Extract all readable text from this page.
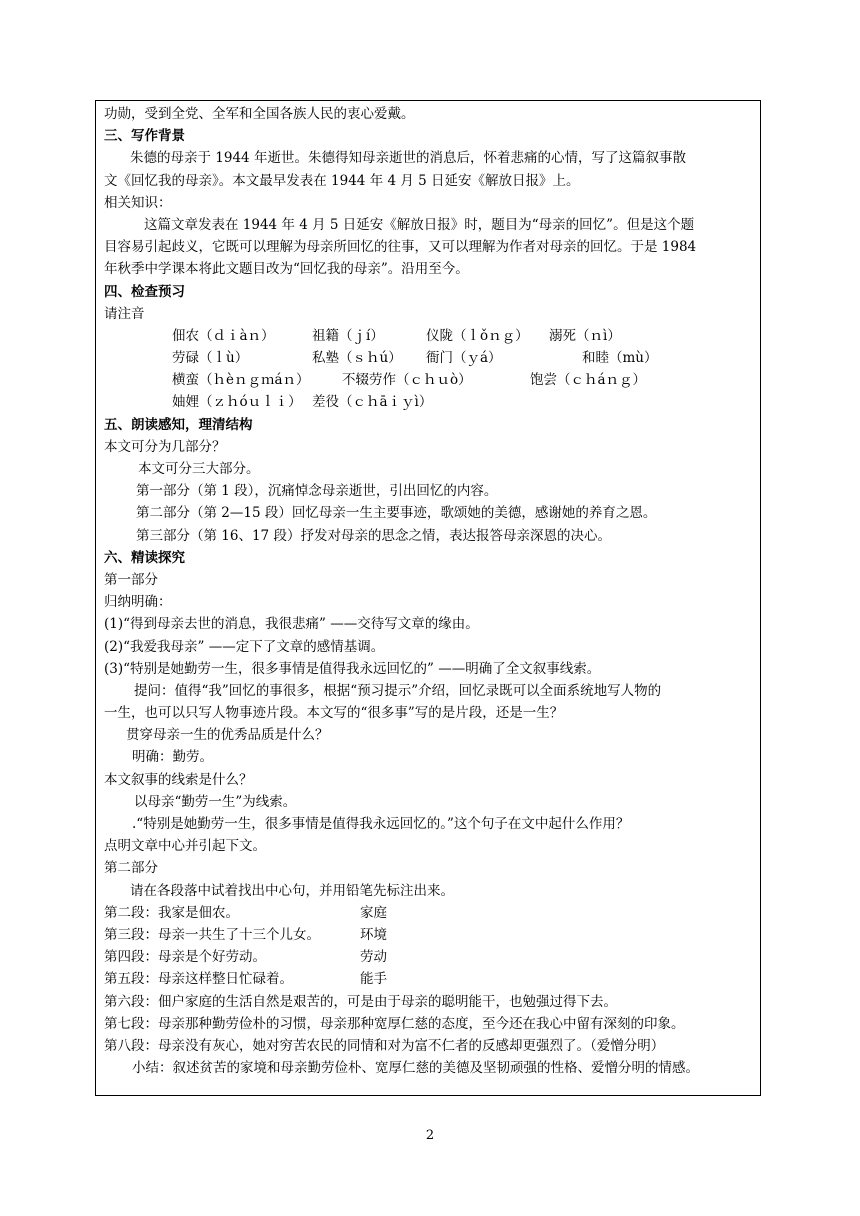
功勋，受到全党、全军和全国各族人民的衷心爱戴。
三、写作背景
朱德的母亲于 1944 年逝世。朱德得知母亲逝世的消息后，怀着悲痛的心情，写了这篇叙事散
文《回忆我的母亲》。本文最早发表在 1944 年 4 月 5 日延安《解放日报》上。
相关知识：
这篇文章发表在 1944 年 4 月 5 日延安《解放日报》时，题目为“母亲的回忆”。但是这个题
目容易引起歧义，它既可以理解为母亲所回忆的往事，又可以理解为作者对母亲的回忆。于是 1984
年秋季中学课本将此文题目改为“回忆我的母亲”。沿用至今。
四、检查预习
请注音
佃农（ｄｉàｎ）	祖籍（ｊí）	仪陇（ｌǒｎｇ） 溺死（ｎì）
劳碌（ｌù）	私塾（ｓｈú） 衙门（ｙá）	和睦（mù）
横蛮（ｈèｎｇｍáｎ） 不辍劳作（ｃｈｕò）	饱尝（ｃｈáｎｇ）
妯娌（ｚｈóｕｌｉ） 差役（ｃｈāｉｙì）
五、朗读感知，理清结构
本文可分为几部分？
本文可分三大部分。
第一部分（第 1 段），沉痛悼念母亲逝世，引出回忆的内容。
第二部分（第 2—15 段）回忆母亲一生主要事迹，歌颂她的美德，感谢她的养育之恩。
第三部分（第 16、17 段）抒发对母亲的思念之情，表达报答母亲深恩的决心。
六、精读探究
第一部分
归纳明确：
(1)“得到母亲去世的消息，我很悲痛” ——交待写文章的缘由。
(2)“我爱我母亲” ——定下了文章的感情基调。
(3)“特别是她勤劳一生，很多事情是值得我永远回忆的” ——明确了全文叙事线索。
提问：值得“我”回忆的事很多，根据“预习提示”介绍，回忆录既可以全面系统地写人物的
一生，也可以只写人物事迹片段。本文写的“很多事”写的是片段，还是一生？
贯穿母亲一生的优秀品质是什么？
明确：勤劳。
本文叙事的线索是什么？
以母亲“勤劳一生”为线索。
.“特别是她勤劳一生，很多事情是值得我永远回忆的。”这个句子在文中起什么作用？
点明文章中心并引起下文。
第二部分
请在各段落中试着找出中心句，并用铅笔先标注出来。
第二段：我家是佃农。	家庭
第三段：母亲一共生了十三个儿女。	环境
第四段：母亲是个好劳动。	劳动
第五段：母亲这样整日忙碌着。	能手
第六段：佃户家庭的生活自然是艰苦的，可是由于母亲的聪明能干，也勉强过得下去。
第七段：母亲那种勤劳俭朴的习惯，母亲那种宽厚仁慈的态度，至今还在我心中留有深刻的印象。
第八段：母亲没有灰心，她对穷苦农民的同情和对为富不仁者的反感却更强烈了。（爱憎分明）
小结：叙述贫苦的家境和母亲勤劳俭朴、宽厚仁慈的美德及坚韧顽强的性格、爱憎分明的情感。
2
